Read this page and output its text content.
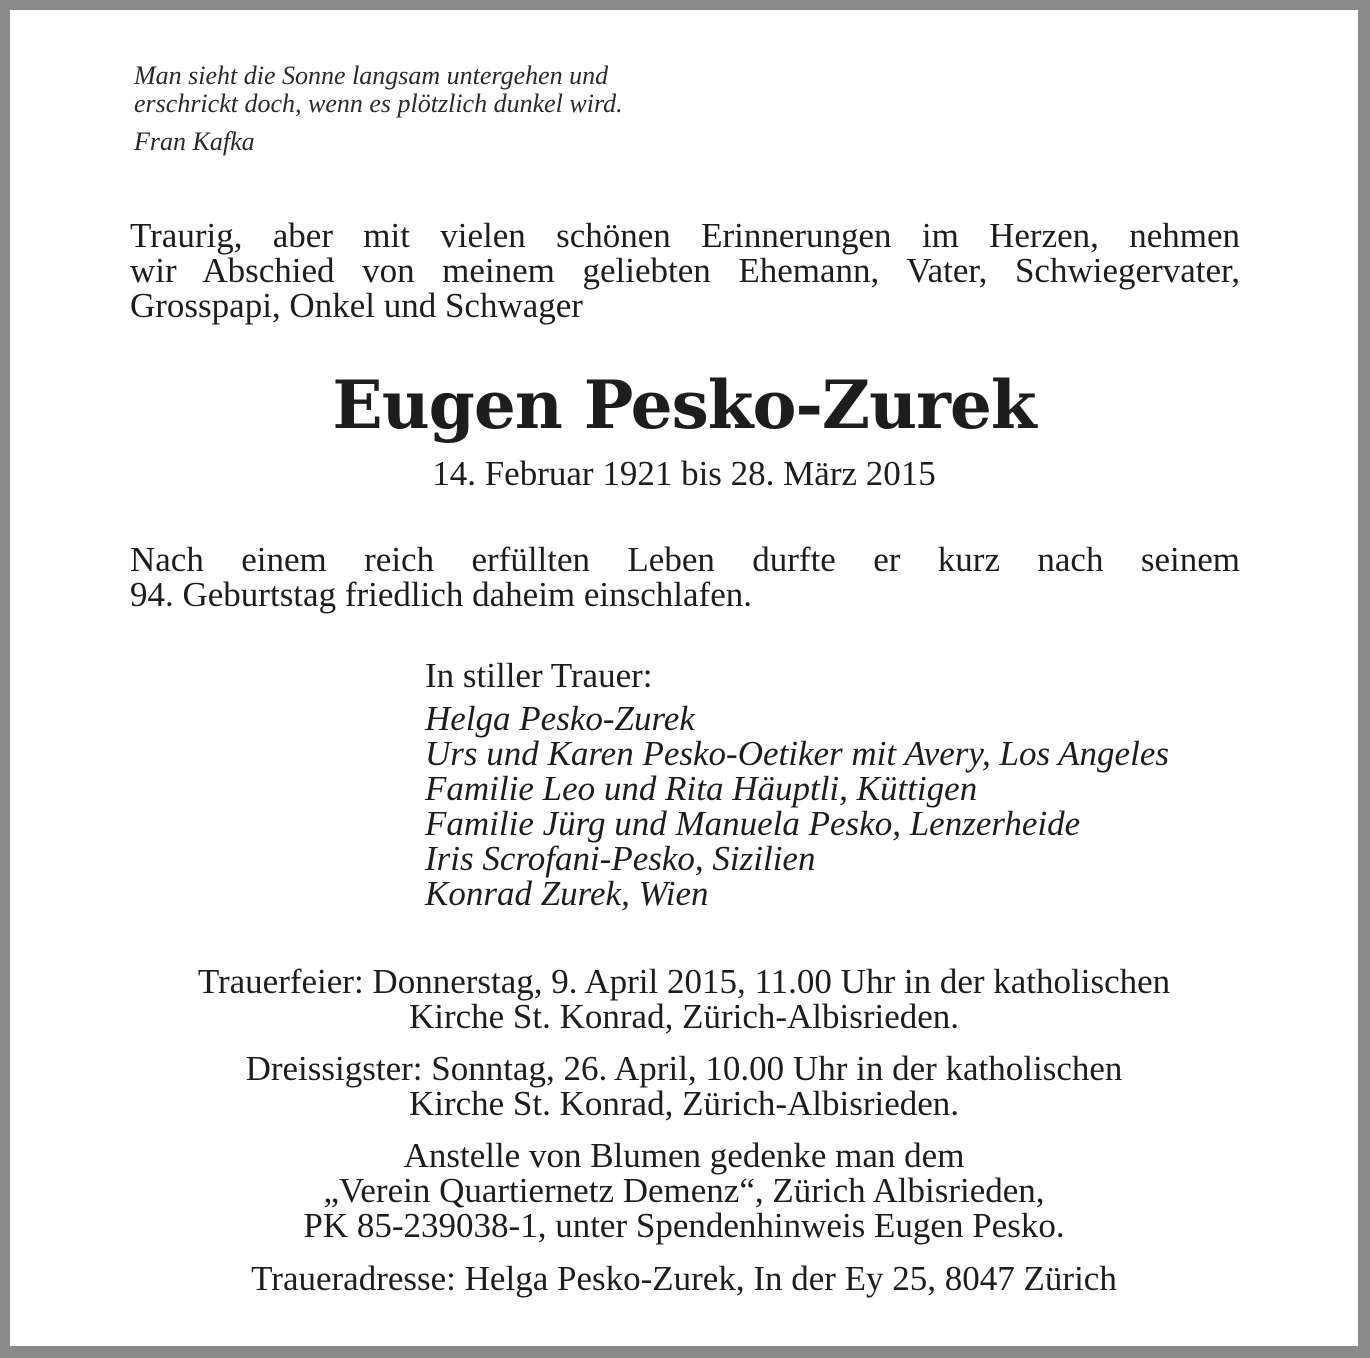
Man sieht die Sonne langsam untergehen und
erschrickt doch, wenn es plötzlich dunkel wird.
Fran Kafka
Traurig, aber mit vielen schönen Erinnerungen im Herzen, nehmen
wir Abschied von meinem geliebten Ehemann, Vater, Schwiegervater,
Grosspapi, Onkel und Schwager
Eugen Pesko-Zurek
14. Februar 1921 bis 28. März 2015
Nach einem reich erfüllten Leben durfte er kurz nach seinem
94. Geburtstag friedlich daheim einschlafen.
In stiller Trauer:
Helga Pesko-Zurek
Urs und Karen Pesko-Oetiker mit Avery, Los Angeles
Familie Leo und Rita Häuptli, Küttigen
Familie Jürg und Manuela Pesko, Lenzerheide
Iris Scrofani-Pesko, Sizilien
Konrad Zurek, Wien
Trauerfeier: Donnerstag, 9. April 2015, 11.00 Uhr in der katholischen
Kirche St. Konrad, Zürich-Albisrieden.
Dreissigster: Sonntag, 26. April, 10.00 Uhr in der katholischen
Kirche St. Konrad, Zürich-Albisrieden.
Anstelle von Blumen gedenke man dem
„Verein Quartiernetz Demenz“, Zürich Albisrieden,
PK 85-239038-1, unter Spendenhinweis Eugen Pesko.
Traueradresse: Helga Pesko-Zurek, In der Ey 25, 8047 Zürich
